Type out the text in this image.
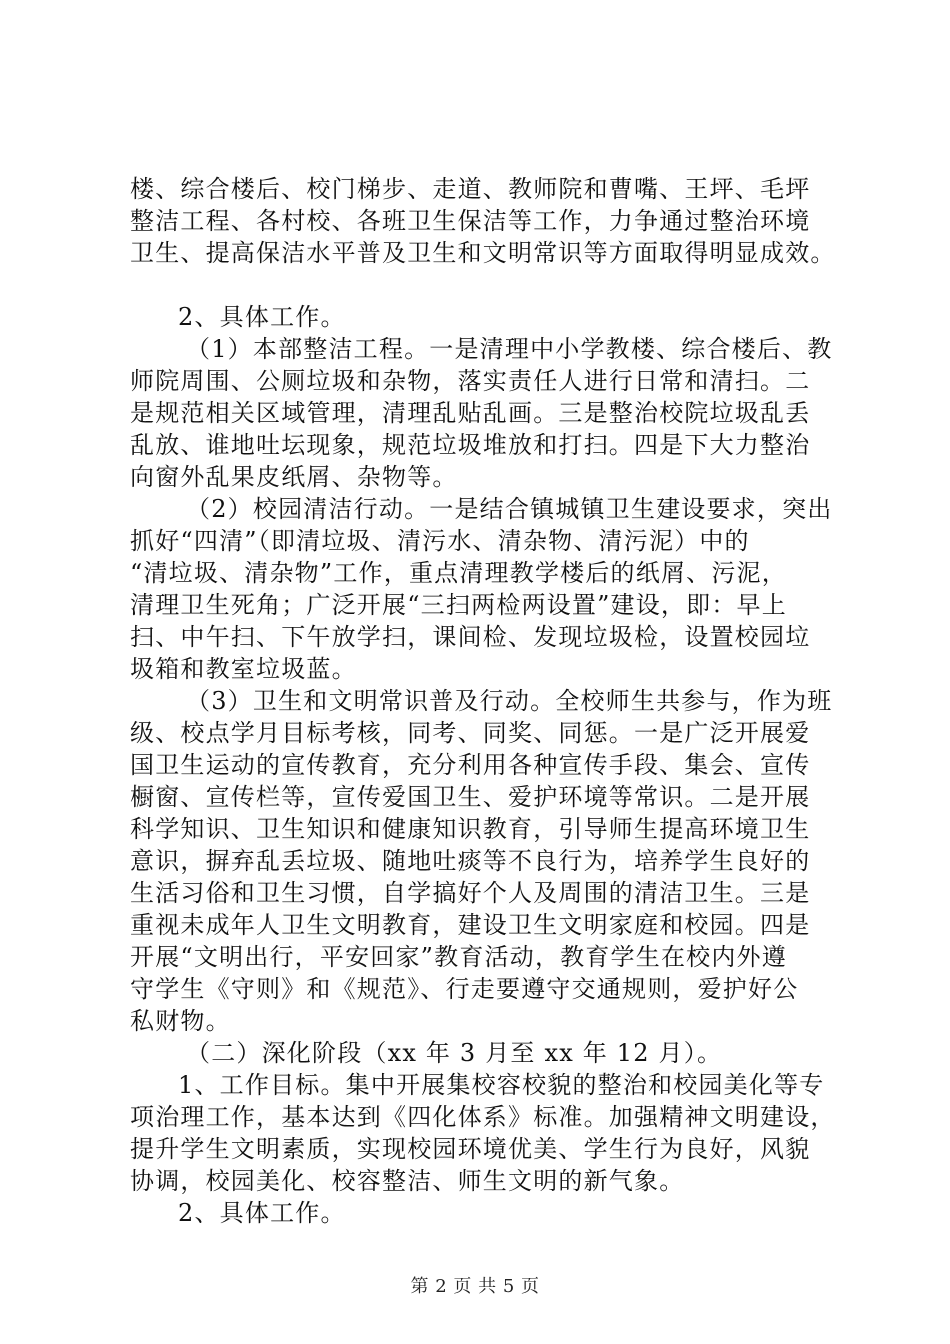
楼、综合楼后、校门梯步、走道、教师院和曹嘴、王坪、毛坪
整洁工程、各村校、各班卫生保洁等工作，力争通过整治环境
卫生、提高保洁水平普及卫生和文明常识等方面取得明显成效。
2、具体工作。
（1）本部整洁工程。一是清理中小学教楼、综合楼后、教
师院周围、公厕垃圾和杂物，落实责任人进行日常和清扫。二
是规范相关区域管理，清理乱贴乱画。三是整治校院垃圾乱丢
乱放、谁地吐坛现象，规范垃圾堆放和打扫。四是下大力整治
向窗外乱果皮纸屑、杂物等。
（2）校园清洁行动。一是结合镇城镇卫生建设要求，突出
抓好“四清”（即清垃圾、清污水、清杂物、清污泥）中的
“清垃圾、清杂物”工作，重点清理教学楼后的纸屑、污泥，
清理卫生死角；广泛开展“三扫两检两设置”建设，即：早上
扫、中午扫、下午放学扫，课间检、发现垃圾检，设置校园垃
圾箱和教室垃圾蓝。
（3）卫生和文明常识普及行动。全校师生共参与，作为班
级、校点学月目标考核，同考、同奖、同惩。一是广泛开展爱
国卫生运动的宣传教育，充分利用各种宣传手段、集会、宣传
橱窗、宣传栏等，宣传爱国卫生、爱护环境等常识。二是开展
科学知识、卫生知识和健康知识教育，引导师生提高环境卫生
意识，摒弃乱丢垃圾、随地吐痰等不良行为，培养学生良好的
生活习俗和卫生习惯，自学搞好个人及周围的清洁卫生。三是
重视未成年人卫生文明教育，建设卫生文明家庭和校园。四是
开展“文明出行，平安回家”教育活动，教育学生在校内外遵
守学生《守则》和《规范》、行走要遵守交通规则，爱护好公
私财物。
（二）深化阶段（xx 年 3 月至 xx 年 12 月）。
1、工作目标。集中开展集校容校貌的整治和校园美化等专
项治理工作，基本达到《四化体系》标准。加强精神文明建设，
提升学生文明素质，实现校园环境优美、学生行为良好，风貌
协调，校园美化、校容整洁、师生文明的新气象。
2、具体工作。
第 2 页 共 5 页
